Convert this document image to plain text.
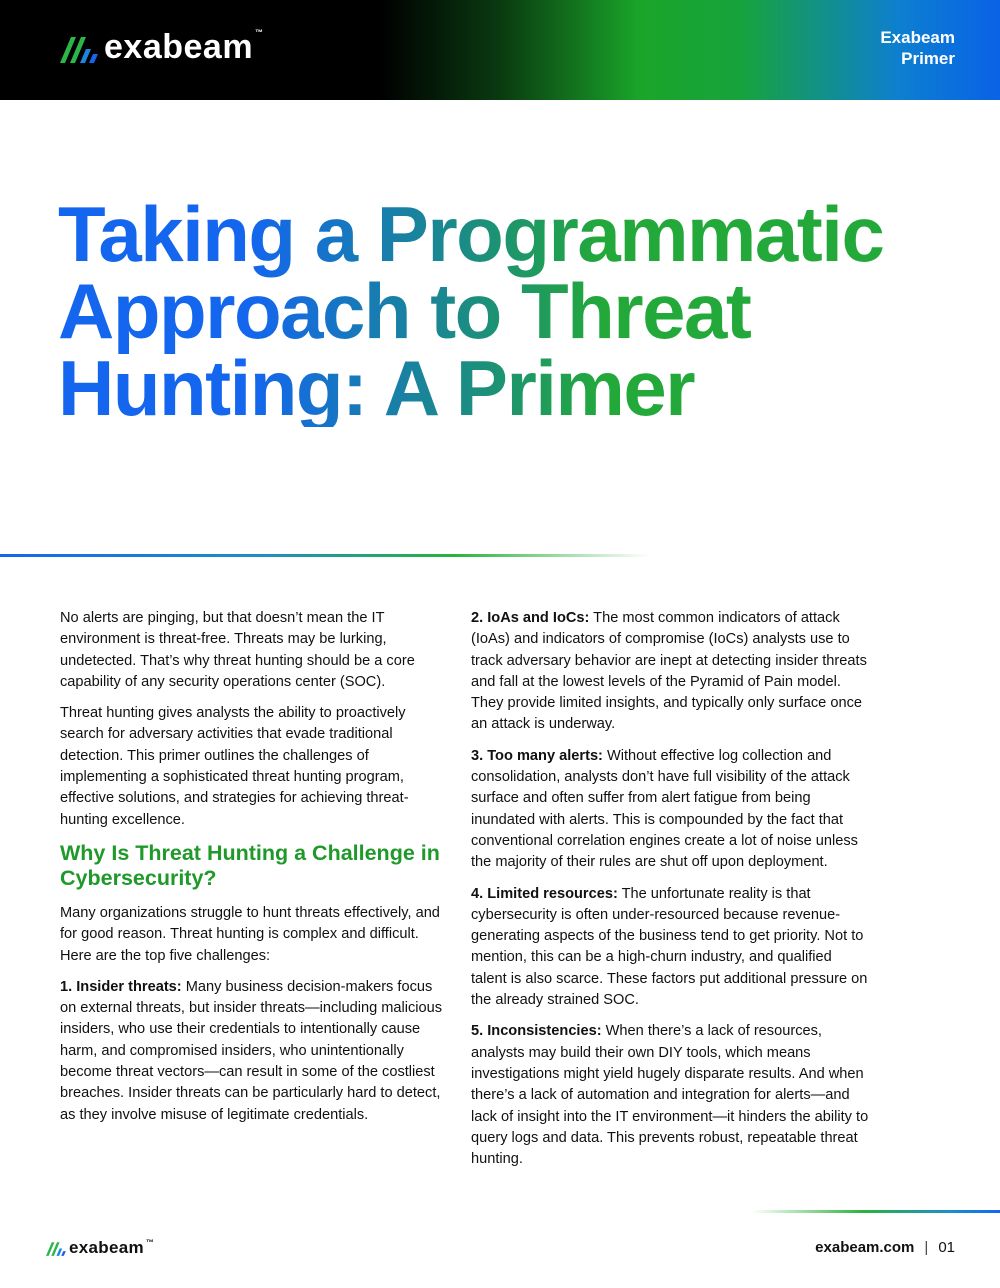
exabeam ™	Exabeam
Primer
Taking a Programmatic Approach to Threat Hunting: A Primer

No alerts are pinging, but that doesn’t mean the IT environment is threat-free. Threats may be lurking, undetected. That’s why threat hunting should be a core capability of any security operations center (SOC).

Threat hunting gives analysts the ability to proactively search for adversary activities that evade traditional detection. This primer outlines the challenges of implementing a sophisticated threat hunting program, effective solutions, and strategies for achieving threat-hunting excellence.

Why Is Threat Hunting a Challenge in Cybersecurity?

Many organizations struggle to hunt threats effectively, and for good reason. Threat hunting is complex and difficult. Here are the top five challenges:

1. Insider threats: Many business decision-makers focus on external threats, but insider threats—including malicious insiders, who use their credentials to intentionally cause harm, and compromised insiders, who unintentionally become threat vectors—can result in some of the costliest breaches. Insider threats can be particularly hard to detect, as they involve misuse of legitimate credentials.

2. IoAs and IoCs: The most common indicators of attack (IoAs) and indicators of compromise (IoCs) analysts use to track adversary behavior are inept at detecting insider threats and fall at the lowest levels of the Pyramid of Pain model. They provide limited insights, and typically only surface once an attack is underway.

3. Too many alerts: Without effective log collection and consolidation, analysts don’t have full visibility of the attack surface and often suffer from alert fatigue from being inundated with alerts. This is compounded by the fact that conventional correlation engines create a lot of noise unless the majority of their rules are shut off upon deployment.

4. Limited resources: The unfortunate reality is that cybersecurity is often under-resourced because revenue-generating aspects of the business tend to get priority. Not to mention, this can be a high-churn industry, and qualified talent is also scarce. These factors put additional pressure on the already strained SOC.

5. Inconsistencies: When there’s a lack of resources, analysts may build their own DIY tools, which means investigations might yield hugely disparate results. And when there’s a lack of automation and integration for alerts—and lack of insight into the IT environment—it hinders the ability to query logs and data. This prevents robust, repeatable threat hunting.

exabeam ™	exabeam.com | 01
